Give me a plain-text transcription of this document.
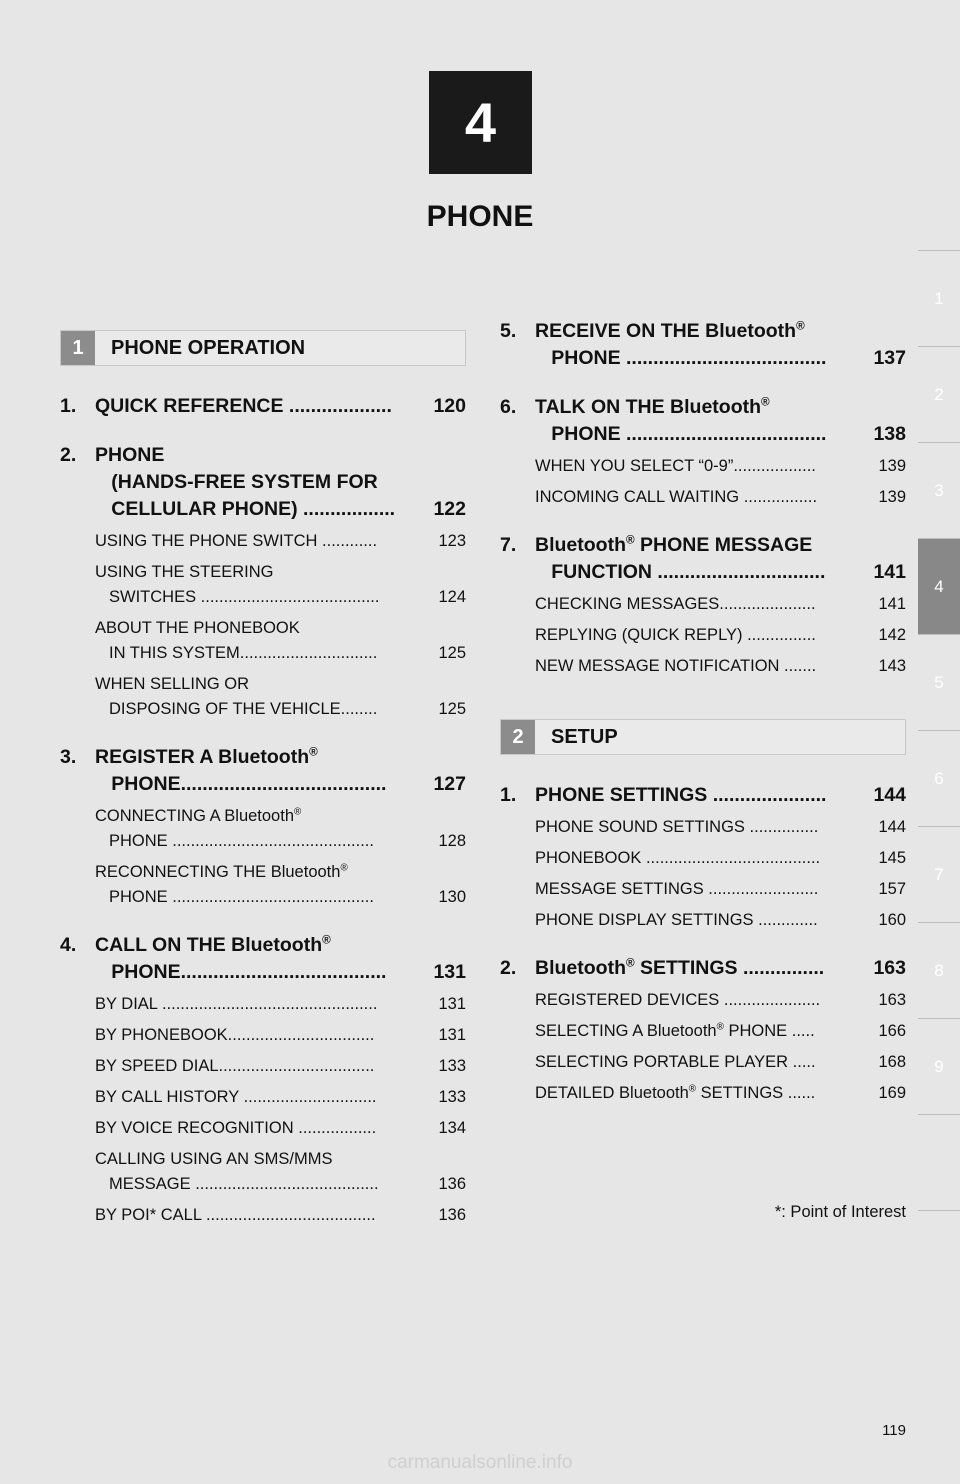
4
PHONE
1
2
3
4
5
6
7
8
9
1	PHONE OPERATION
1. QUICK REFERENCE ...................	120
2. PHONE
(HANDS-FREE SYSTEM FOR
CELLULAR PHONE) .................	122
USING THE PHONE SWITCH ............	123
USING THE STEERING
SWITCHES .......................................	124
ABOUT THE PHONEBOOK
IN THIS SYSTEM..............................	125
WHEN SELLING OR
DISPOSING OF THE VEHICLE........	125
3. REGISTER A Bluetooth®
PHONE......................................	127
CONNECTING A Bluetooth®
PHONE ............................................	128
RECONNECTING THE Bluetooth®
PHONE ............................................	130
4. CALL ON THE Bluetooth®
PHONE......................................	131
BY DIAL ...............................................	131
BY PHONEBOOK................................	131
BY SPEED DIAL..................................	133
BY CALL HISTORY .............................	133
BY VOICE RECOGNITION .................	134
CALLING USING AN SMS/MMS
MESSAGE ........................................	136
BY POI* CALL .....................................	136
5. RECEIVE ON THE Bluetooth®
PHONE .....................................	137
6. TALK ON THE Bluetooth®
PHONE .....................................	138
WHEN YOU SELECT “0-9”..................	139
INCOMING CALL WAITING ................	139
7. Bluetooth® PHONE MESSAGE
FUNCTION ...............................	141
CHECKING MESSAGES.....................	141
REPLYING (QUICK REPLY) ...............	142
NEW MESSAGE NOTIFICATION .......	143
2	SETUP
1. PHONE SETTINGS .....................	144
PHONE SOUND SETTINGS ...............	144
PHONEBOOK ......................................	145
MESSAGE SETTINGS ........................	157
PHONE DISPLAY SETTINGS .............	160
2. Bluetooth® SETTINGS ...............	163
REGISTERED DEVICES .....................	163
SELECTING A Bluetooth® PHONE .....	166
SELECTING PORTABLE PLAYER .....	168
DETAILED Bluetooth® SETTINGS ......	169
*: Point of Interest
119
carmanualsonline.info
